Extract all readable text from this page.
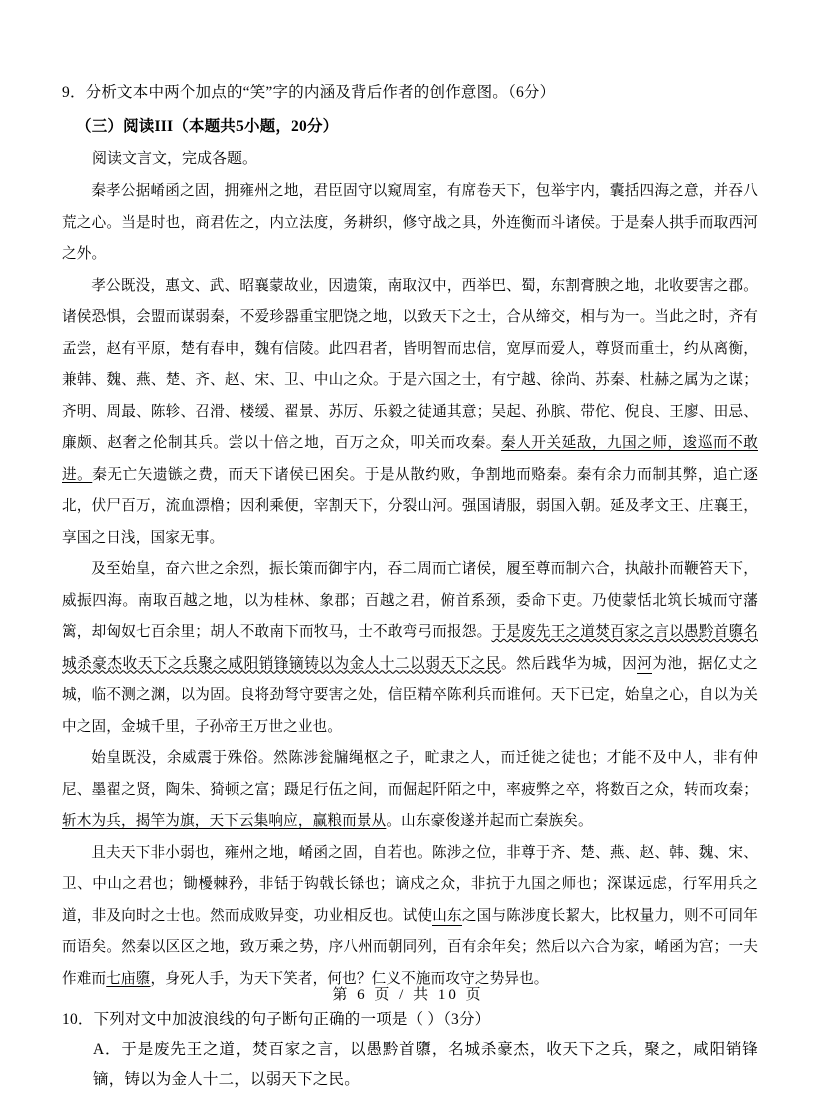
9．分析文本中两个加点的“笑”字的内涵及背后作者的创作意图。（6分）

（三）阅读III（本题共5小题，20分）

阅读文言文，完成各题。

秦孝公据崤函之固，拥雍州之地，君臣固守以窥周室，有席卷天下，包举宇内，囊括四海之意，并吞八荒之心。当是时也，商君佐之，内立法度，务耕织，修守战之具，外连衡而斗诸侯。于是秦人拱手而取西河之外。

孝公既没，惠文、武、昭襄蒙故业，因遗策，南取汉中，西举巴、蜀，东割膏腴之地，北收要害之郡。诸侯恐惧，会盟而谋弱秦，不爱珍器重宝肥饶之地，以致天下之士，合从缔交，相与为一。当此之时，齐有孟尝，赵有平原，楚有春申，魏有信陵。此四君者，皆明智而忠信，宽厚而爱人，尊贤而重士，约从离衡，兼韩、魏、燕、楚、齐、赵、宋、卫、中山之众。于是六国之士，有宁越、徐尚、苏秦、杜赫之属为之谋；齐明、周最、陈轸、召滑、楼缓、翟景、苏厉、乐毅之徒通其意；吴起、孙膑、带佗、倪良、王廖、田忌、廉颇、赵奢之伦制其兵。尝以十倍之地，百万之众，叩关而攻秦。秦人开关延敌，九国之师，逡巡而不敢进。秦无亡矢遗镞之费，而天下诸侯已困矣。于是从散约败，争割地而赂秦。秦有余力而制其弊，追亡逐北，伏尸百万，流血漂橹；因利乘便，宰割天下，分裂山河。强国请服，弱国入朝。延及孝文王、庄襄王，享国之日浅，国家无事。

及至始皇，奋六世之余烈，振长策而御宇内，吞二周而亡诸侯，履至尊而制六合，执敲扑而鞭笞天下，威振四海。南取百越之地，以为桂林、象郡；百越之君，俯首系颈，委命下吏。乃使蒙恬北筑长城而守藩篱，却匈奴七百余里；胡人不敢南下而牧马，士不敢弯弓而报怨。于是废先王之道焚百家之言以愚黔首隳名城杀豪杰收天下之兵聚之咸阳销锋镝铸以为金人十二以弱天下之民。然后践华为城，因河为池，据亿丈之城，临不测之渊，以为固。良将劲弩守要害之处，信臣精卒陈利兵而谁何。天下已定，始皇之心，自以为关中之固，金城千里，子孙帝王万世之业也。

始皇既没，余威震于殊俗。然陈涉瓮牖绳枢之子，甿隶之人，而迁徙之徒也；才能不及中人，非有仲尼、墨翟之贤，陶朱、猗顿之富；蹑足行伍之间，而倔起阡陌之中，率疲弊之卒，将数百之众，转而攻秦；斩木为兵，揭竿为旗，天下云集响应，赢粮而景从。山东豪俊遂并起而亡秦族矣。

且夫天下非小弱也，雍州之地，崤函之固，自若也。陈涉之位，非尊于齐、楚、燕、赵、韩、魏、宋、卫、中山之君也；锄櫌棘矜，非铦于钩戟长铩也；谪戍之众，非抗于九国之师也；深谋远虑，行军用兵之道，非及向时之士也。然而成败异变，功业相反也。试使山东之国与陈涉度长絜大，比权量力，则不可同年而语矣。然秦以区区之地，致万乘之势，序八州而朝同列，百有余年矣；然后以六合为家，崤函为宫；一夫作难而七庙隳，身死人手，为天下笑者，何也？仁义不施而攻守之势异也。

10．下列对文中加波浪线的句子断句正确的一项是（ ）（3分）

A．于是废先王之道，焚百家之言，以愚黔首隳，名城杀豪杰，收天下之兵，聚之，咸阳销锋镝，铸以为金人十二，以弱天下之民。

第 6 页 / 共 10 页
